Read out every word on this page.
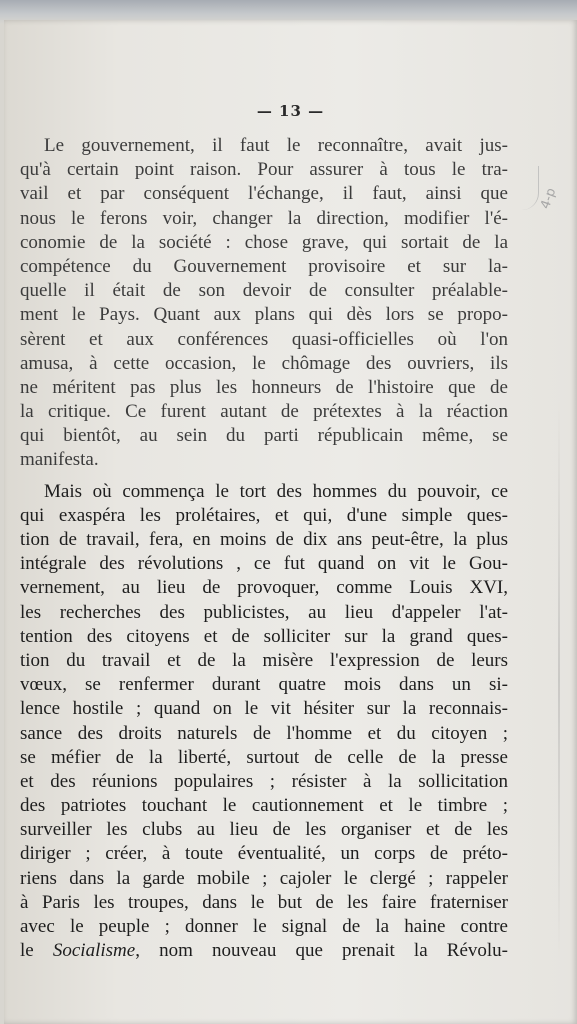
— 13 —

4-p
Le gouvernement, il faut le reconnaître, avait jus-
qu'à certain point raison. Pour assurer à tous le tra-
vail et par conséquent l'échange, il faut, ainsi que
nous le ferons voir, changer la direction, modifier l'é-
conomie de la société : chose grave, qui sortait de la
compétence du Gouvernement provisoire et sur la-
quelle il était de son devoir de consulter préalable-
ment le Pays. Quant aux plans qui dès lors se propo-
sèrent et aux conférences quasi-officielles où l'on
amusa, à cette occasion, le chômage des ouvriers, ils
ne méritent pas plus les honneurs de l'histoire que de
la critique. Ce furent autant de prétextes à la réaction
qui bientôt, au sein du parti républicain même, se
manifesta.
Mais où commença le tort des hommes du pouvoir, ce
qui exaspéra les prolétaires, et qui, d'une simple ques-
tion de travail, fera, en moins de dix ans peut-être, la plus
intégrale des révolutions , ce fut quand on vit le Gou-
vernement, au lieu de provoquer, comme Louis XVI,
les recherches des publicistes, au lieu d'appeler l'at-
tention des citoyens et de solliciter sur la grand ques-
tion du travail et de la misère l'expression de leurs
vœux, se renfermer durant quatre mois dans un si-
lence hostile ; quand on le vit hésiter sur la reconnais-
sance des droits naturels de l'homme et du citoyen ;
se méfier de la liberté, surtout de celle de la presse
et des réunions populaires ; résister à la sollicitation
des patriotes touchant le cautionnement et le timbre ;
surveiller les clubs au lieu de les organiser et de les
diriger ; créer, à toute éventualité, un corps de préto-
riens dans la garde mobile ; cajoler le clergé ; rappeler
à Paris les troupes, dans le but de les faire fraterniser
avec le peuple ; donner le signal de la haine contre
le Socialisme, nom nouveau que prenait la Révolu-
